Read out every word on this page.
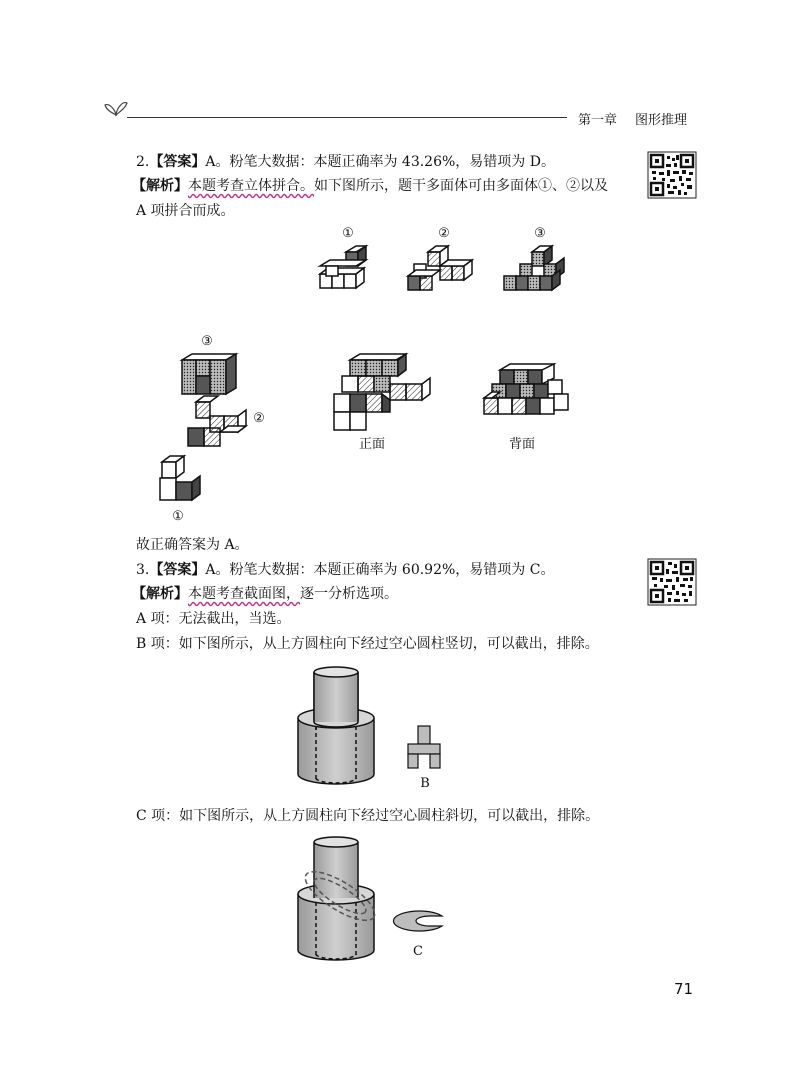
第一章 图形推理
2.【答案】A。粉笔大数据：本题正确率为 43.26%，易错项为 D。
【解析】本题考查立体拼合。如下图所示，题干多面体可由多面体①、②以及
A 项拼合而成。
①	②	③
③
②
①
正面	背面
故正确答案为 A。
3.【答案】A。粉笔大数据：本题正确率为 60.92%，易错项为 C。
【解析】本题考查截面图，逐一分析选项。
A 项：无法截出，当选。
B 项：如下图所示，从上方圆柱向下经过空心圆柱竖切，可以截出，排除。
B
C 项：如下图所示，从上方圆柱向下经过空心圆柱斜切，可以截出，排除。
C
71
